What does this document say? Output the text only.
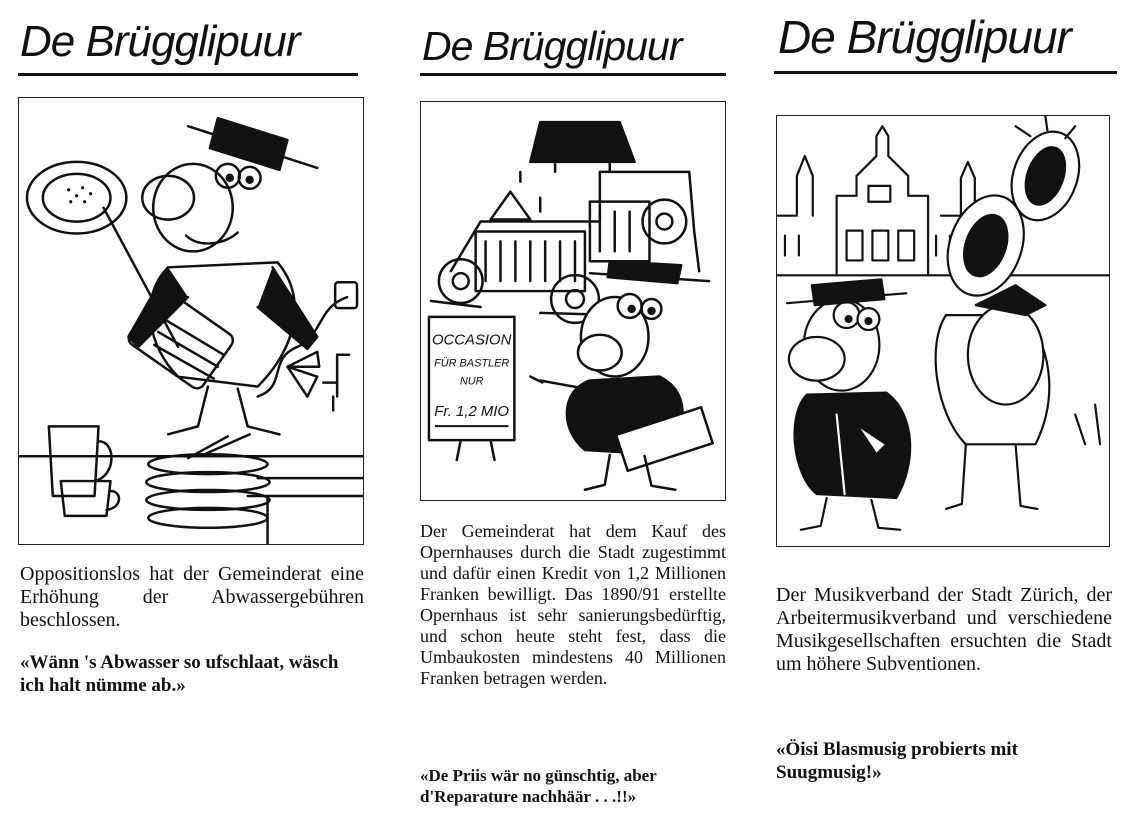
De Brügglipuur

Oppositionslos hat der Gemeinderat eine Erhöhung der Abwassergebühren beschlossen.

«Wänn 's Abwasser so ufschlaat, wäsch ich halt nümme ab.»

De Brügglipuur
OCCASION
FÜR BASTLER
NUR
Fr. 1,2 MIO

Der Gemeinderat hat dem Kauf des Opernhauses durch die Stadt zugestimmt und dafür einen Kredit von 1,2 Millionen Franken bewilligt. Das 1890/91 erstellte Opernhaus ist sehr sanierungsbedürftig, und schon heute steht fest, dass die Umbaukosten mindestens 40 Millionen Franken betragen werden.

«De Priis wär no günschtig, aber d'Reparature nachhäär . . .!!»

De Brügglipuur

Der Musikverband der Stadt Zürich, der Arbeitermusikverband und verschiedene Musikgesellschaften ersuchten die Stadt um höhere Subventionen.

«Öisi Blasmusig probierts mit Suugmusig!»
